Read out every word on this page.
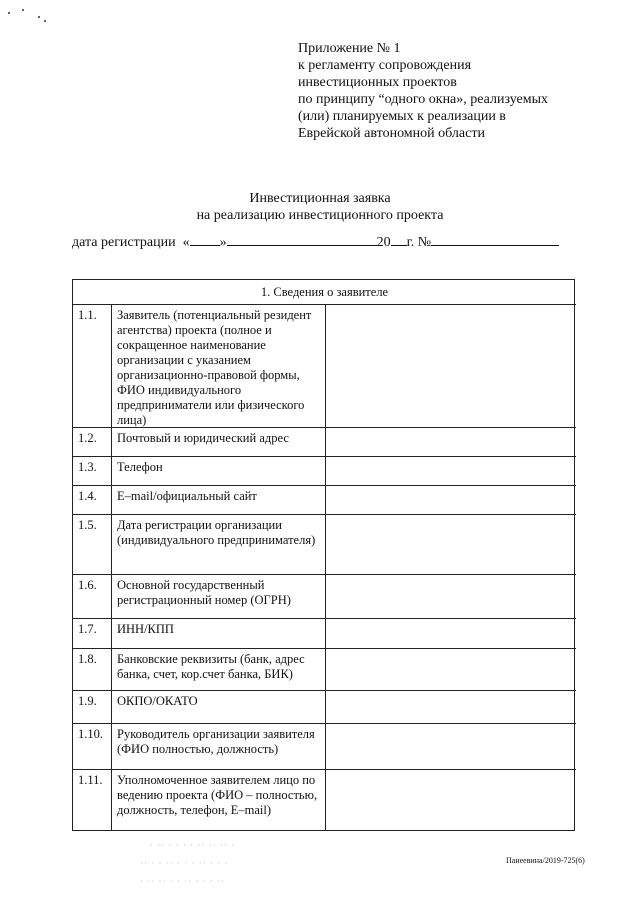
Приложение № 1
к регламенту сопровождения
инвестиционных проектов
по принципу “одного окна», реализуемых
(или) планируемых к реализации в
Еврейской автономной области
Инвестиционная заявка
на реализацию инвестиционного проекта
дата регистрации « »	20 г. №
1. Сведения о заявителе
1.1. Заявитель (потенциальный резидент агентства) проекта (полное и сокращенное наименование организации с указанием организационно-правовой формы, ФИО индивидуального предприниматели или физического лица)
1.2. Почтовый и юридический адрес
1.3. Телефон
1.4. E–mail/официальный сайт
1.5. Дата регистрации организации (индивидуального предпринимателя)
1.6. Основной государственный регистрационный номер (ОГРН)
1.7. ИНН/КПП
1.8. Банковские реквизиты (банк, адрес банка, счет, кор.счет банка, БИК)
1.9. ОКПО/ОКАТО
1.10. Руководитель организации заявителя (ФИО полностью, должность)
1.11. Уполномоченное заявителем лицо по ведению проекта (ФИО – полностью, должность, телефон, E–mail)
· ·· · · · · ·· ·· ·· ·
·· · · ·· · · · ·· · · ·
· ·· ·· · · ·· · · · ··
Панеевина/2019-725(6)
